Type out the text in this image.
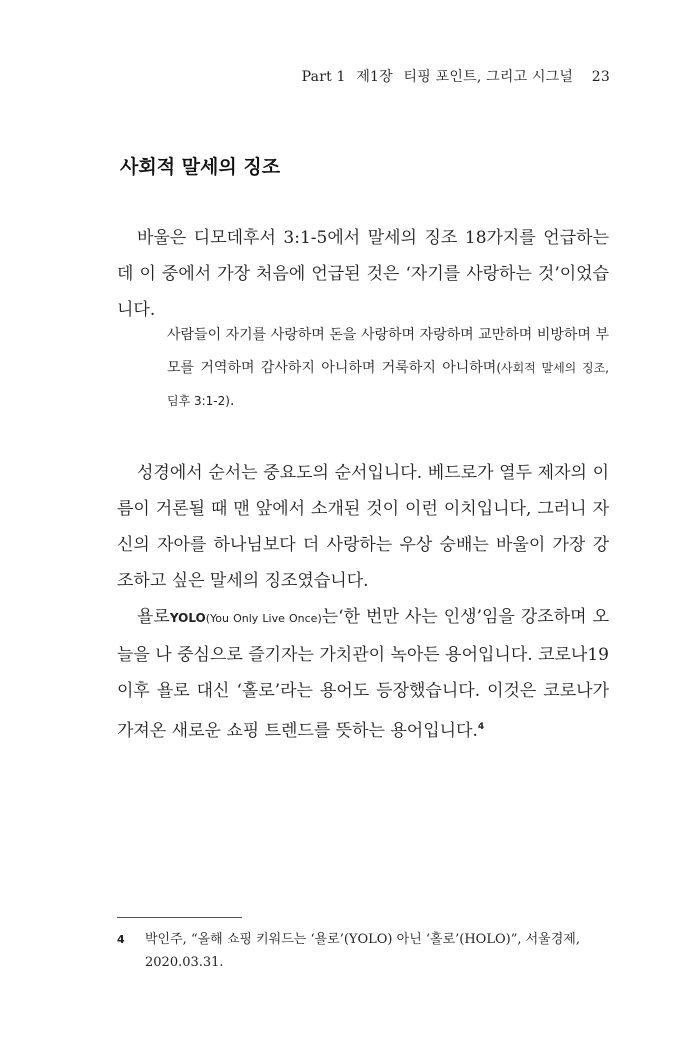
Part 1 제1장 티핑 포인트, 그리고 시그널 23
사회적 말세의 징조

바울은 디모데후서 3:1-5에서 말세의 징조 18가지를 언급하는데 이 중에서 가장 처음에 언급된 것은 ‘자기를 사랑하는 것’이었습니다.

사람들이 자기를 사랑하며 돈을 사랑하며 자랑하며 교만하며 비방하며 부모를 거역하며 감사하지 아니하며 거룩하지 아니하며(사회적 말세의 징조, 딤후 3:1-2).

성경에서 순서는 중요도의 순서입니다. 베드로가 열두 제자의 이름이 거론될 때 맨 앞에서 소개된 것이 이런 이치입니다, 그러니 자신의 자아를 하나님보다 더 사랑하는 우상 숭배는 바울이 가장 강조하고 싶은 말세의 징조였습니다.

욜로YOLO(You Only Live Once)는‘한 번만 사는 인생’임을 강조하며 오늘을 나 중심으로 즐기자는 가치관이 녹아든 용어입니다. 코로나19 이후 욜로 대신 ‘홀로’라는 용어도 등장했습니다. 이것은 코로나가 가져온 새로운 쇼핑 트렌드를 뜻하는 용어입니다.$^4$

4 박인주, “올해 쇼핑 키워드는 ‘욜로’(YOLO) 아닌 ‘홀로’(HOLO)”, 서울경제, 2020.03.31.
